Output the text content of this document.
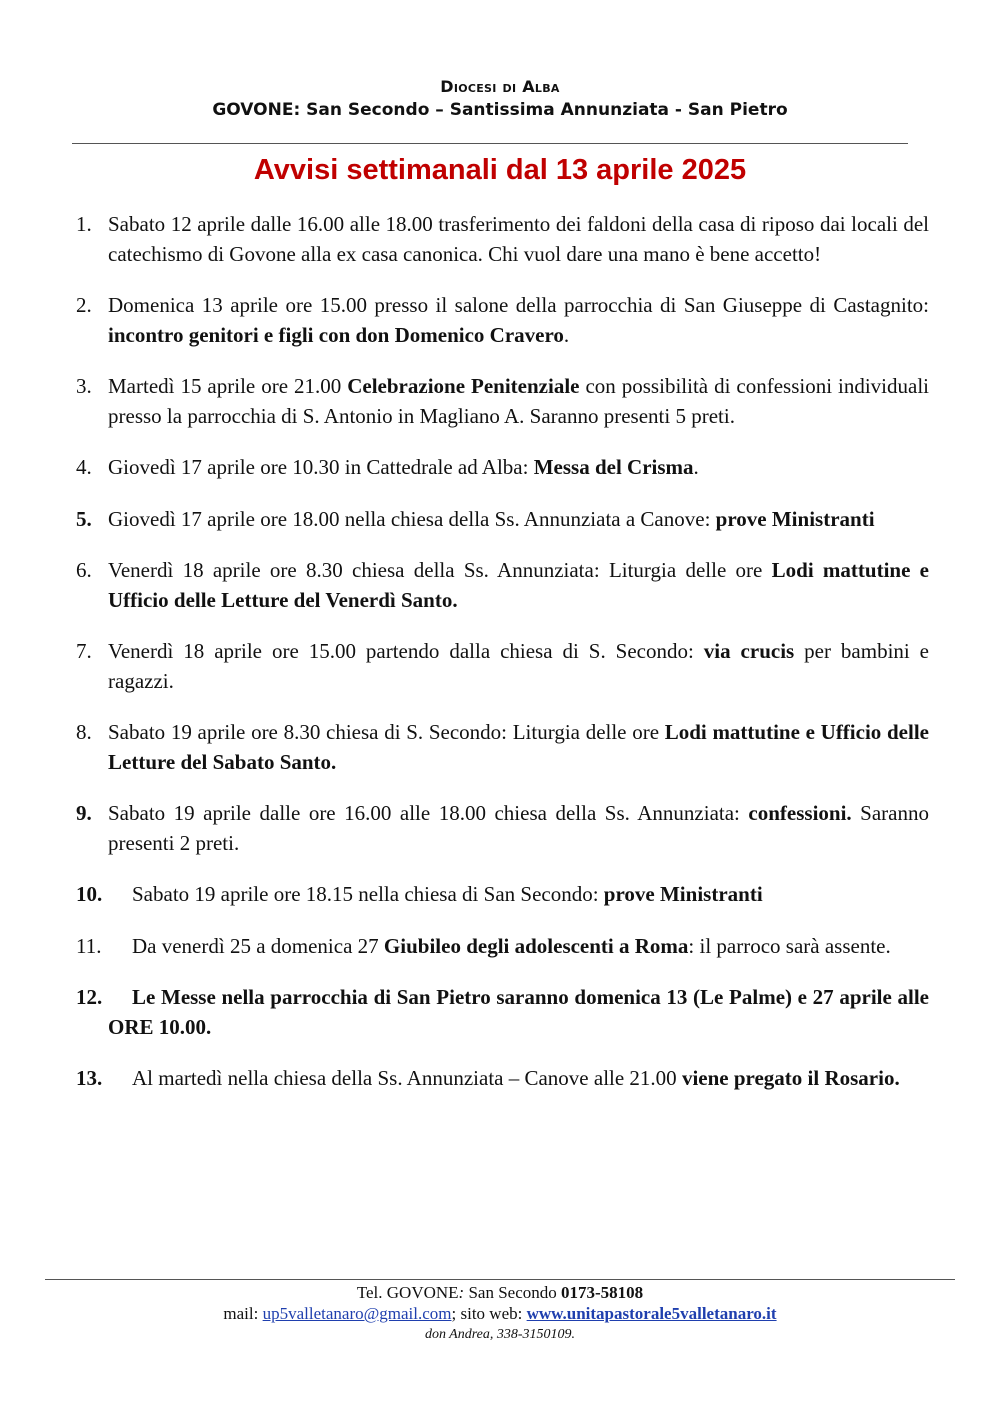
Diocesi di Alba
GOVONE: San Secondo – Santissima Annunziata - San Pietro
Avvisi settimanali dal 13 aprile 2025
1. Sabato 12 aprile dalle 16.00 alle 18.00 trasferimento dei faldoni della casa di riposo dai locali del catechismo di Govone alla ex casa canonica. Chi vuol dare una mano è bene accetto!
2. Domenica 13 aprile ore 15.00 presso il salone della parrocchia di San Giuseppe di Castagnito: incontro genitori e figli con don Domenico Cravero.
3. Martedì 15 aprile ore 21.00 Celebrazione Penitenziale con possibilità di confessioni individuali presso la parrocchia di S. Antonio in Magliano A. Saranno presenti 5 preti.
4. Giovedì 17 aprile ore 10.30 in Cattedrale ad Alba: Messa del Crisma.
5. Giovedì 17 aprile ore 18.00 nella chiesa della Ss. Annunziata a Canove: prove Ministranti
6. Venerdì 18 aprile ore 8.30 chiesa della Ss. Annunziata: Liturgia delle ore Lodi mattutine e Ufficio delle Letture del Venerdì Santo.
7. Venerdì 18 aprile ore 15.00 partendo dalla chiesa di S. Secondo: via crucis per bambini e ragazzi.
8. Sabato 19 aprile ore 8.30 chiesa di S. Secondo: Liturgia delle ore Lodi mattutine e Ufficio delle Letture del Sabato Santo.
9. Sabato 19 aprile dalle ore 16.00 alle 18.00 chiesa della Ss. Annunziata: confessioni. Saranno presenti 2 preti.
10. Sabato 19 aprile ore 18.15 nella chiesa di San Secondo: prove Ministranti
11. Da venerdì 25 a domenica 27 Giubileo degli adolescenti a Roma: il parroco sarà assente.
12. Le Messe nella parrocchia di San Pietro saranno domenica 13 (Le Palme) e 27 aprile alle ORE 10.00.
13. Al martedì nella chiesa della Ss. Annunziata – Canove alle 21.00 viene pregato il Rosario.
Tel. GOVONE: San Secondo 0173-58108
mail: up5valletanaro@gmail.com; sito web: www.unitapastorale5valletanaro.it
don Andrea, 338-3150109.
